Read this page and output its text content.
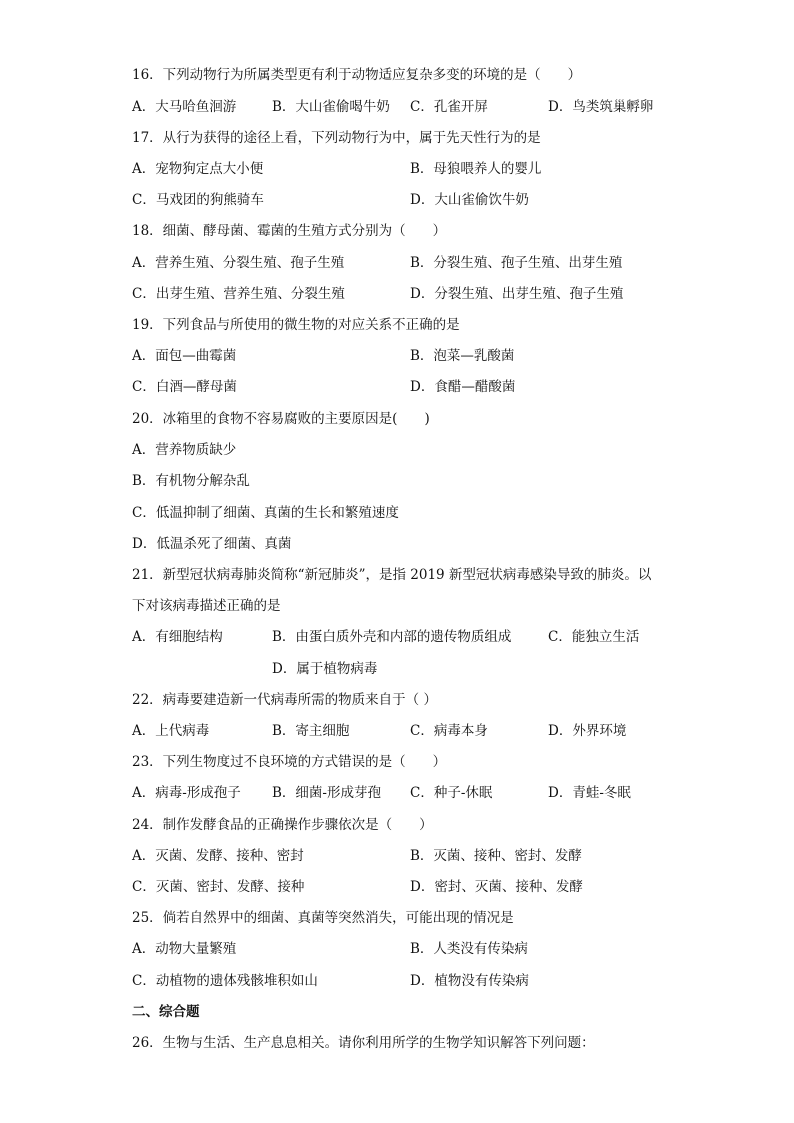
16．下列动物行为所属类型更有利于动物适应复杂多变的环境的是（　　）
A．大马哈鱼洄游	B．大山雀偷喝牛奶 C．孔雀开屏	D．鸟类筑巢孵卵
17．从行为获得的途径上看，下列动物行为中，属于先天性行为的是
A．宠物狗定点大小便	B．母狼喂养人的婴儿
C．马戏团的狗熊骑车	D．大山雀偷饮牛奶
18．细菌、酵母菌、霉菌的生殖方式分别为（　　）
A．营养生殖、分裂生殖、孢子生殖	B．分裂生殖、孢子生殖、出芽生殖
C．出芽生殖、营养生殖、分裂生殖	D．分裂生殖、出芽生殖、孢子生殖
19．下列食品与所使用的微生物的对应关系不正确的是
A．面包—曲霉菌	B．泡菜—乳酸菌
C．白酒—酵母菌	D．食醋—醋酸菌
20．冰箱里的食物不容易腐败的主要原因是(　　)
A．营养物质缺少
B．有机物分解杂乱
C．低温抑制了细菌、真菌的生长和繁殖速度
D．低温杀死了细菌、真菌
21．新型冠状病毒肺炎简称“新冠肺炎”，是指 2019 新型冠状病毒感染导致的肺炎。以
下对该病毒描述正确的是
A．有细胞结构	B．由蛋白质外壳和内部的遗传物质组成	C．能独立生活
D．属于植物病毒
22．病毒要建造新一代病毒所需的物质来自于（ ）
A．上代病毒	B．寄主细胞	C．病毒本身	D．外界环境
23．下列生物度过不良环境的方式错误的是（　　）
A．病毒-形成孢子 B．细菌-形成芽孢 C．种子-休眠	D．青蛙-冬眠
24．制作发酵食品的正确操作步骤依次是（　　）
A．灭菌、发酵、接种、密封	B．灭菌、接种、密封、发酵
C．灭菌、密封、发酵、接种	D．密封、灭菌、接种、发酵
25．倘若自然界中的细菌、真菌等突然消失，可能出现的情况是
A．动物大量繁殖	B．人类没有传染病
C．动植物的遗体残骸堆积如山	D．植物没有传染病
二、综合题
26．生物与生活、生产息息相关。请你利用所学的生物学知识解答下列问题：
